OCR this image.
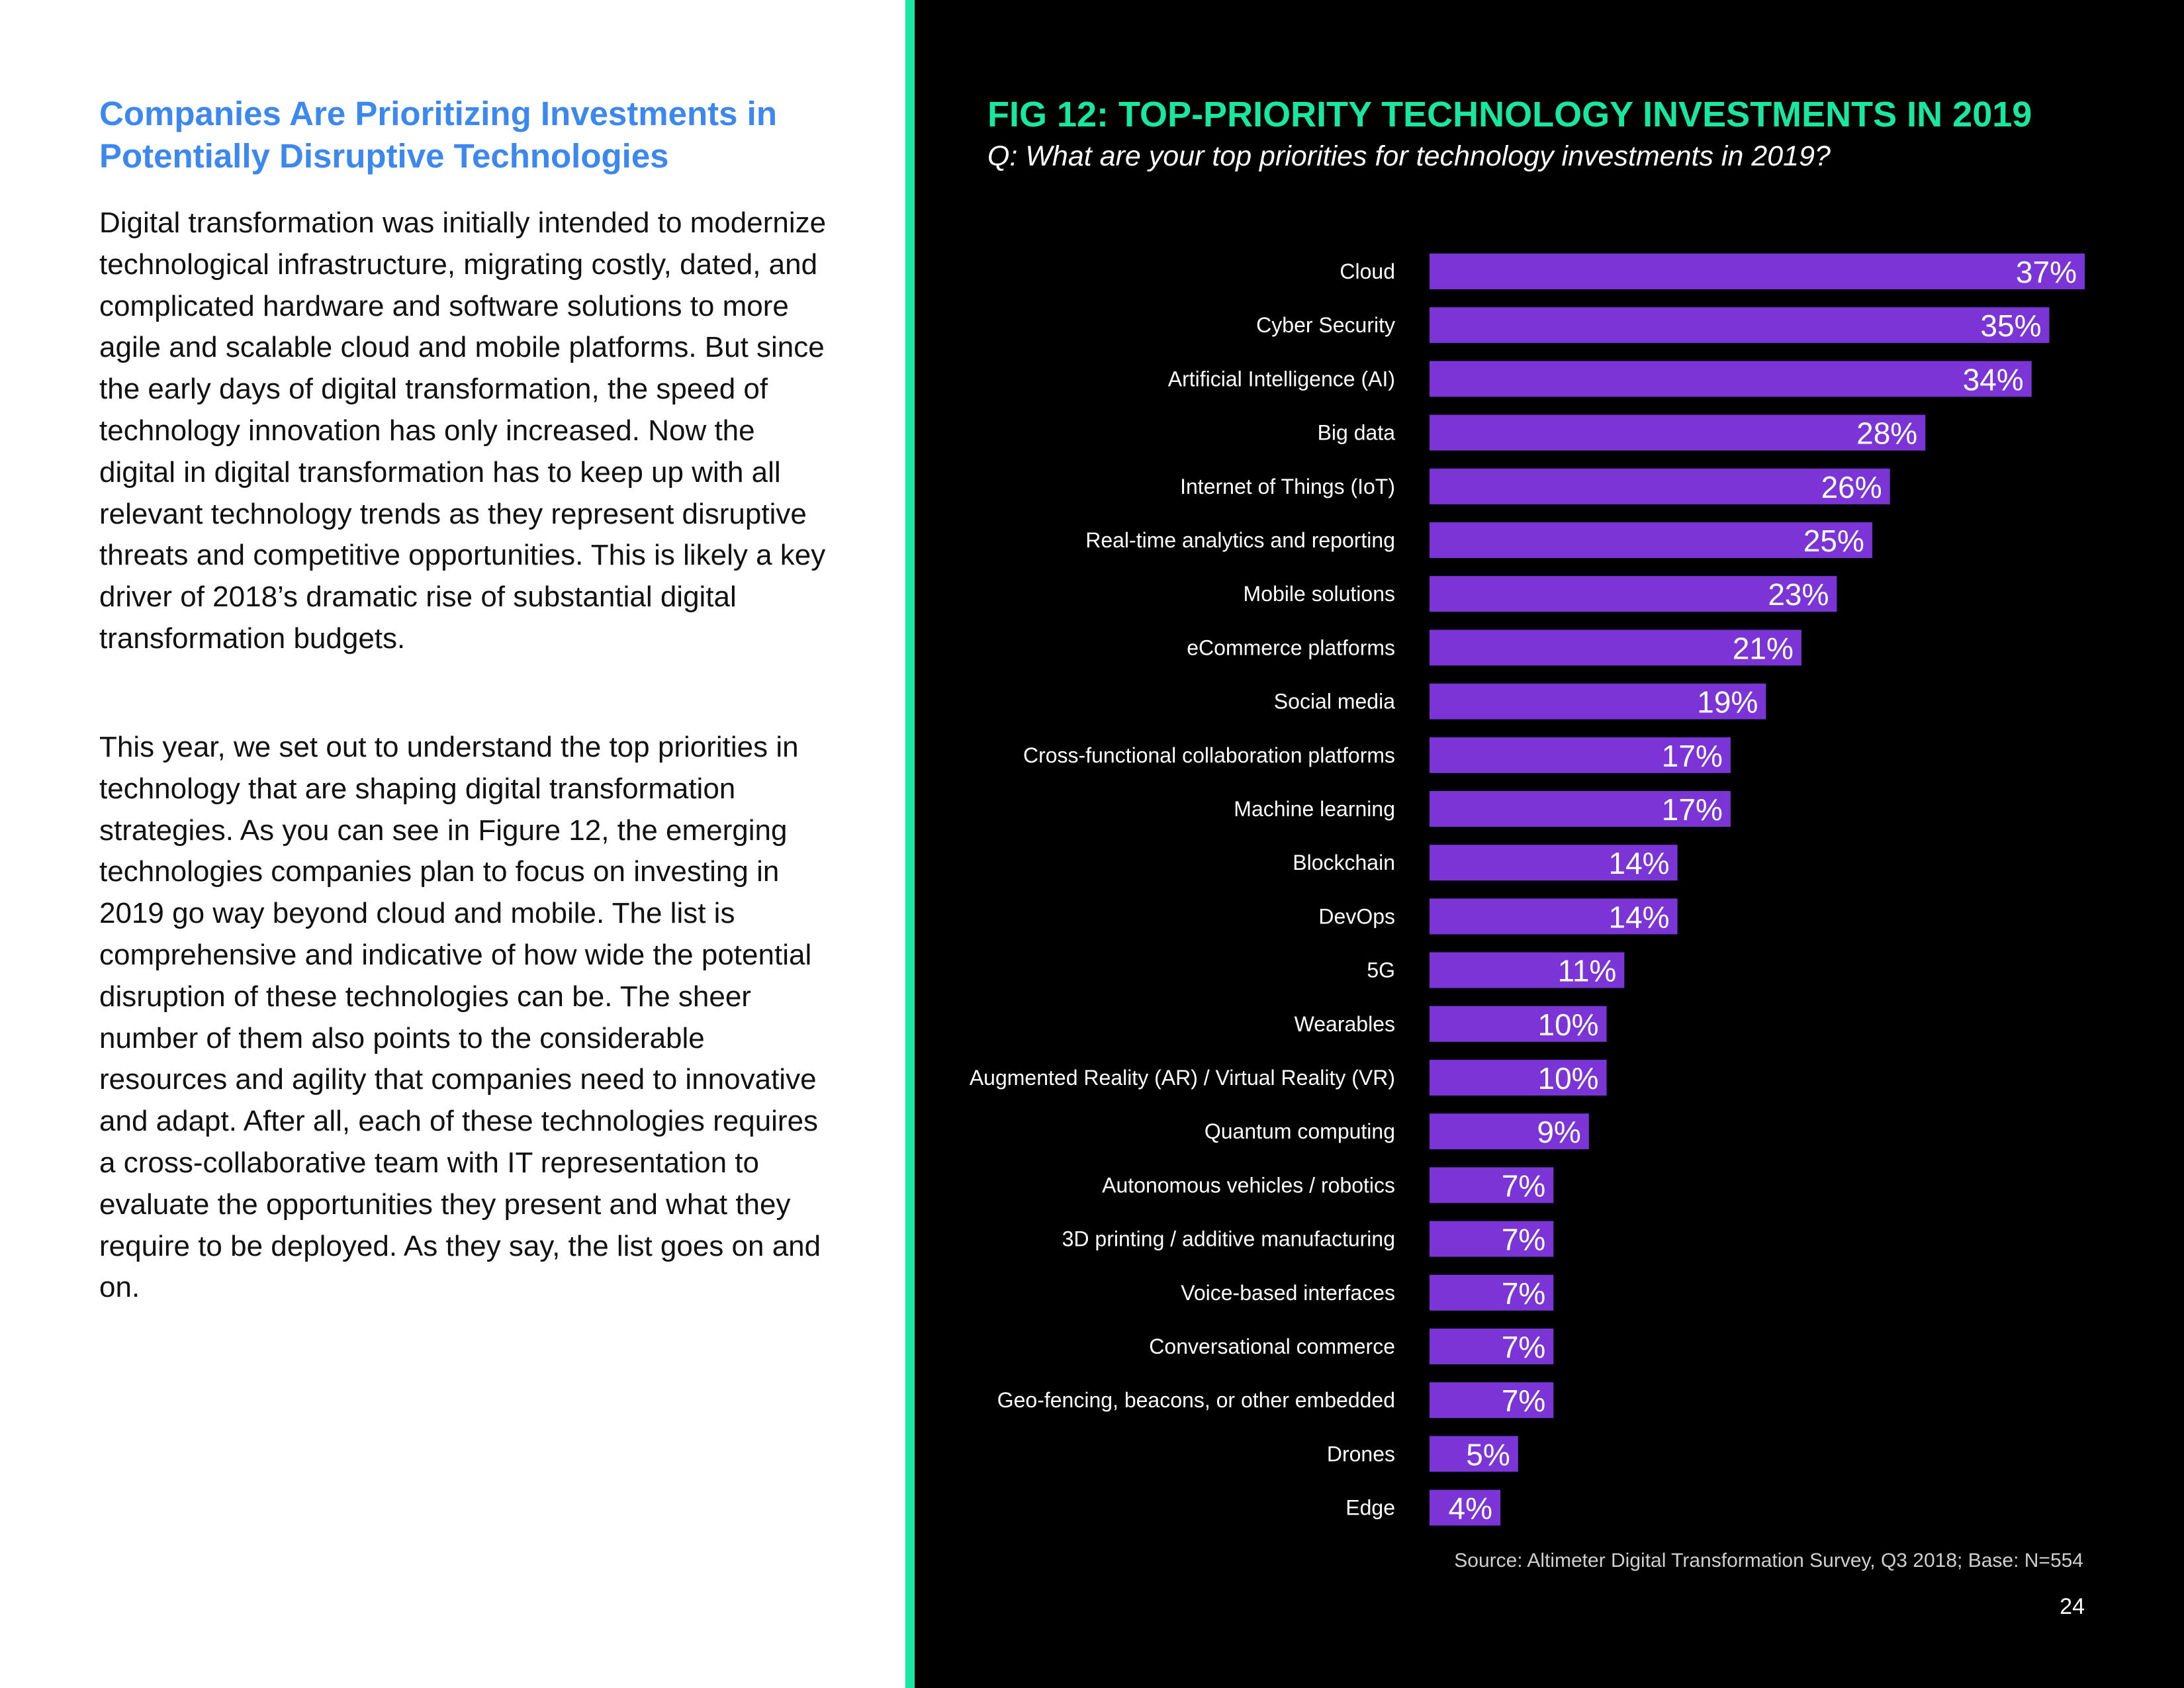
Companies Are Prioritizing Investments in Potentially Disruptive Technologies

Digital transformation was initially intended to modernize technological infrastructure, migrating costly, dated, and complicated hardware and software solutions to more agile and scalable cloud and mobile platforms. But since the early days of digital transformation, the speed of technology innovation has only increased. Now the digital in digital transformation has to keep up with all relevant technology trends as they represent disruptive threats and competitive opportunities. This is likely a key driver of 2018’s dramatic rise of substantial digital transformation budgets.

This year, we set out to understand the top priorities in technology that are shaping digital transformation strategies. As you can see in Figure 12, the emerging technologies companies plan to focus on investing in 2019 go way beyond cloud and mobile. The list is comprehensive and indicative of how wide the potential disruption of these technologies can be. The sheer number of them also points to the considerable resources and agility that companies need to innovative and adapt. After all, each of these technologies requires a cross-collaborative team with IT representation to evaluate the opportunities they present and what they require to be deployed. As they say, the list goes on and on.

FIG 12: TOP-PRIORITY TECHNOLOGY INVESTMENTS IN 2019

Q: What are your top priorities for technology investments in 2019?

Cloud	37%
Cyber Security	35%
Artificial Intelligence (AI)	34%
Big data	28%
Internet of Things (IoT)	26%
Real-time analytics and reporting	25%
Mobile solutions	23%
eCommerce platforms	21%
Social media	19%
Cross-functional collaboration platforms	17%
Machine learning	17%
Blockchain	14%
DevOps	14%
5G	11%
Wearables	10%
Augmented Reality (AR) / Virtual Reality (VR)	10%
Quantum computing	9%
Autonomous vehicles / robotics	7%
3D printing / additive manufacturing	7%
Voice-based interfaces	7%
Conversational commerce	7%
Geo-fencing, beacons, or other embedded	7%
Drones 5%
Edge 4%
Source: Altimeter Digital Transformation Survey, Q3 2018; Base: N=554
24
